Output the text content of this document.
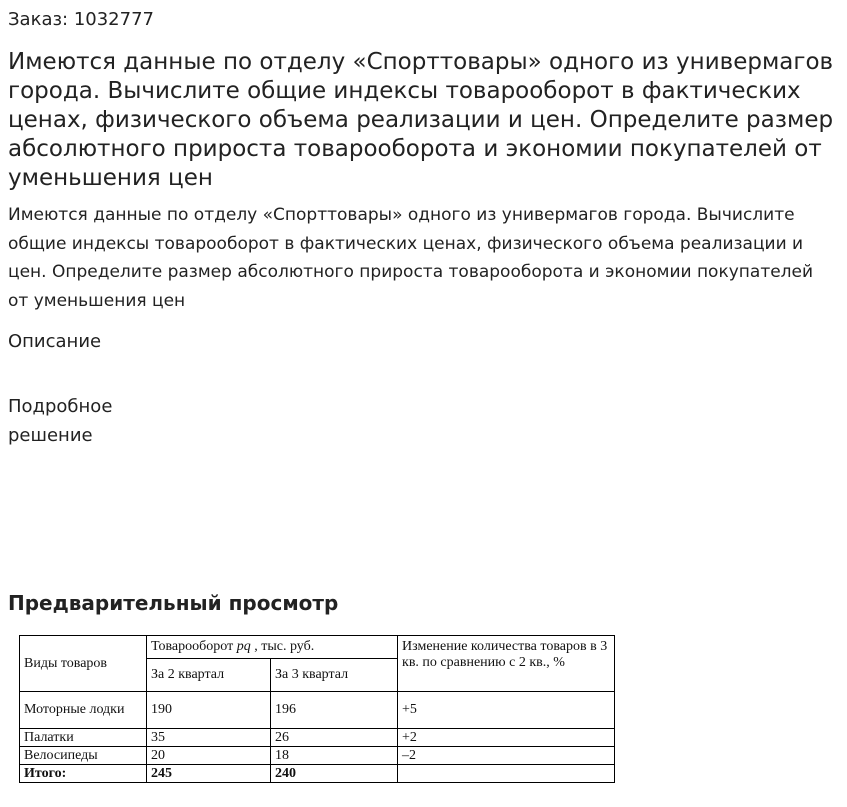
Заказ: 1032777
Имеются данные по отделу «Спорттовары» одного из универмагов города. Вычислите общие индексы товарооборот в фактических ценах, физического объема реализации и цен. Определите размер абсолютного прироста товарооборота и экономии покупателей от уменьшения цен

Имеются данные по отделу «Спорттовары» одного из универмагов города. Вычислите общие индексы товарооборот в фактических ценах, физического объема реализации и цен. Определите размер абсолютного прироста товарооборота и экономии покупателей от уменьшения цен

Описание

Подробное решение

Предварительный просмотр
Виды товаров	Товарооборот pq , тыс. руб.		Изменение количества товаров в 3 кв. по сравнению с 2 кв., %
	За 2 квартал	За 3 квартал	
Моторные лодки	190	196	+5
Палатки	35	26	+2
Велосипеды	20	18	–2
Итого:	245	240	
